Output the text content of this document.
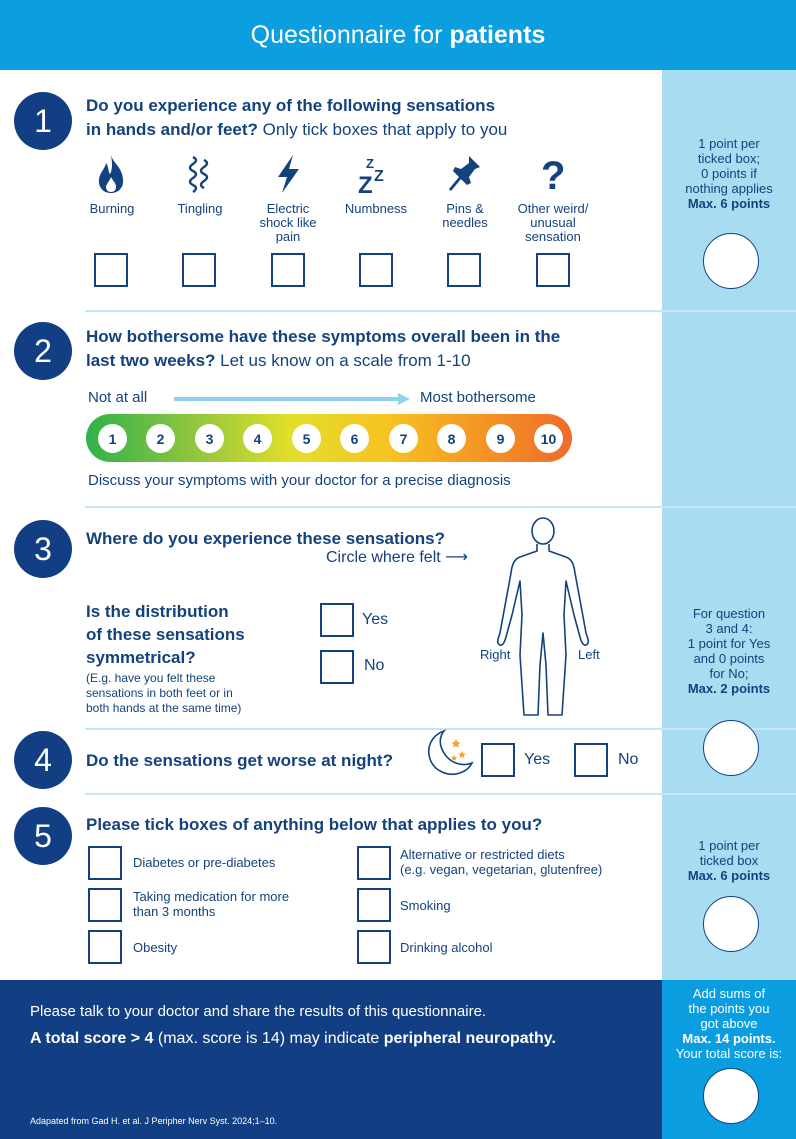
Questionnaire for patients
1	Do you experience any of the following sensations
in hands and/or feet? Only tick boxes that apply to you
Z Z
Z	?
Burning	Tingling	Electric shock like pain
Numbness	Pins & needles
Other weird/ unusual sensation
1 point per
ticked box;
0 points if
nothing applies
Max. 6 points
2	How bothersome have these symptoms overall been in the
last two weeks? Let us know on a scale from 1-10
Not at all	Most bothersome
1	2	3	4	5	6	7	8	9	10
Discuss your symptoms with your doctor for a precise diagnosis
3	Where do you experience these sensations?
Circle where felt ⟶
Is the distribution
of these sensations
symmetrical?
(E.g. have you felt these
sensations in both feet or in
both hands at the same time)
Yes
No
Right	Left
For question
3 and 4:
1 point for Yes
and 0 points
for No;
Max. 2 points
4	Do the sensations get worse at night?	Yes	No
5	Please tick boxes of anything below that applies to you?
Diabetes or pre-diabetes
Taking medication for more
than 3 months
Obesity
Alternative or restricted diets
(e.g. vegan, vegetarian, glutenfree)
Smoking
Drinking alcohol
1 point per
ticked box
Max. 6 points
Please talk to your doctor and share the results of this questionnaire.
A total score > 4 (max. score is 14) may indicate peripheral neuropathy.
Adapated from Gad H. et al. J Peripher Nerv Syst. 2024;1–10.
Add sums of
the points you
got above
Max. 14 points.
Your total score is:
